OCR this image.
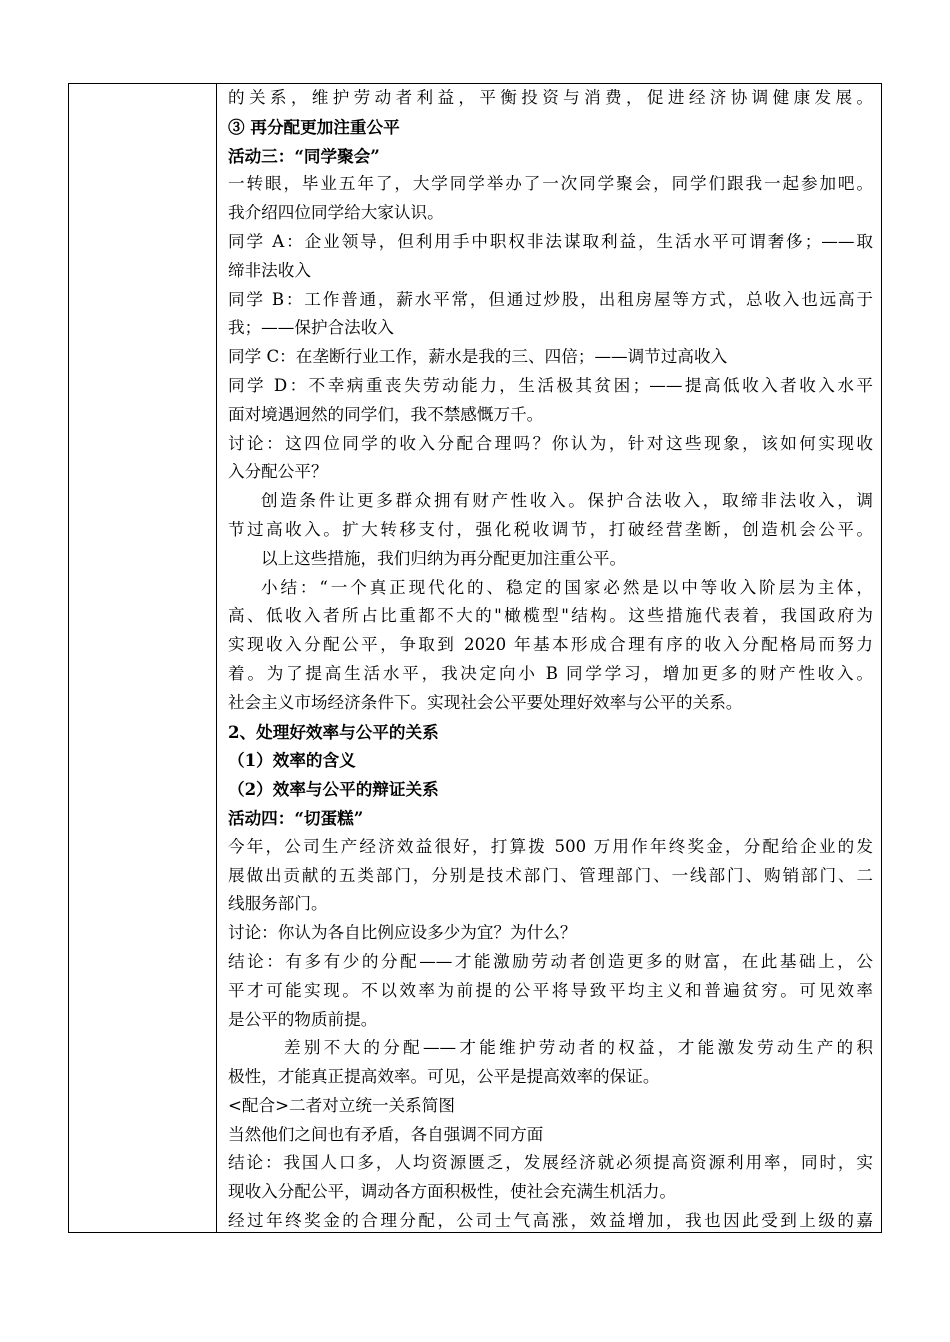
的关系，维护劳动者利益，平衡投资与消费，促进经济协调健康发展。
③ 再分配更加注重公平
活动三：“同学聚会”
一转眼，毕业五年了，大学同学举办了一次同学聚会，同学们跟我一起参加吧。
我介绍四位同学给大家认识。
同学 A：企业领导，但利用手中职权非法谋取利益，生活水平可谓奢侈；——取
缔非法收入
同学 B：工作普通，薪水平常，但通过炒股，出租房屋等方式，总收入也远高于
我；——保护合法收入
同学 C：在垄断行业工作，薪水是我的三、四倍；——调节过高收入
同学 D：不幸病重丧失劳动能力，生活极其贫困；——提高低收入者收入水平
面对境遇迥然的同学们，我不禁感慨万千。
讨论：这四位同学的收入分配合理吗？你认为，针对这些现象，该如何实现收
入分配公平？
创造条件让更多群众拥有财产性收入。保护合法收入，取缔非法收入，调
节过高收入。扩大转移支付，强化税收调节，打破经营垄断，创造机会公平。
以上这些措施，我们归纳为再分配更加注重公平。
小结：“一个真正现代化的、稳定的国家必然是以中等收入阶层为主体，
高、低收入者所占比重都不大的"橄榄型"结构。这些措施代表着，我国政府为
实现收入分配公平，争取到 2020 年基本形成合理有序的收入分配格局而努力
着。为了提高生活水平，我决定向小 B 同学学习，增加更多的财产性收入。
社会主义市场经济条件下。实现社会公平要处理好效率与公平的关系。
2、处理好效率与公平的关系
（1）效率的含义
（2）效率与公平的辩证关系
活动四：“切蛋糕”
今年，公司生产经济效益很好，打算拨 500 万用作年终奖金，分配给企业的发
展做出贡献的五类部门，分别是技术部门、管理部门、一线部门、购销部门、二
线服务部门。
讨论：你认为各自比例应设多少为宜？为什么？
结论：有多有少的分配——才能激励劳动者创造更多的财富，在此基础上，公
平才可能实现。不以效率为前提的公平将导致平均主义和普遍贫穷。可见效率
是公平的物质前提。
差别不大的分配——才能维护劳动者的权益，才能激发劳动生产的积
极性，才能真正提高效率。可见，公平是提高效率的保证。
<配合>二者对立统一关系简图
当然他们之间也有矛盾，各自强调不同方面
结论：我国人口多，人均资源匮乏，发展经济就必须提高资源利用率，同时，实
现收入分配公平，调动各方面积极性，使社会充满生机活力。
经过年终奖金的合理分配，公司士气高涨，效益增加，我也因此受到上级的嘉
